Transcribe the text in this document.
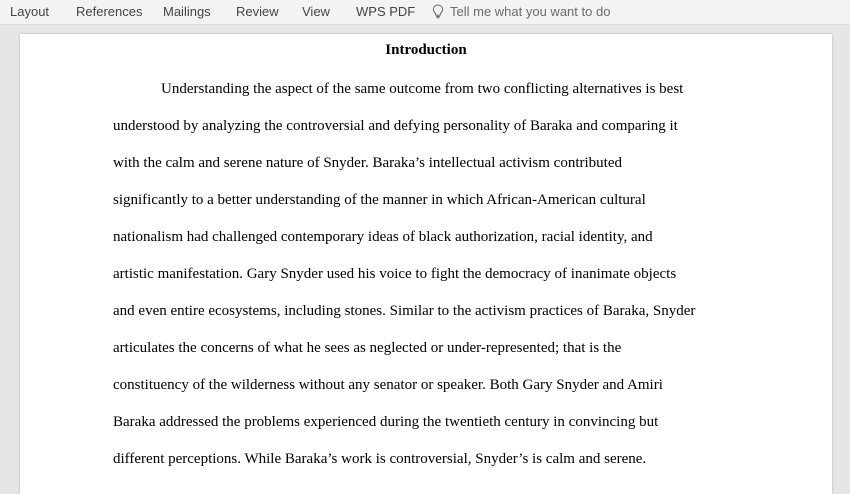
Layout References Mailings Review View WPS PDF	Tell me what you want to do
Introduction

Understanding the aspect of the same outcome from two conflicting alternatives is best
understood by analyzing the controversial and defying personality of Baraka and comparing it
with the calm and serene nature of Snyder. Baraka’s intellectual activism contributed
significantly to a better understanding of the manner in which African-American cultural
nationalism had challenged contemporary ideas of black authorization, racial identity, and
artistic manifestation. Gary Snyder used his voice to fight the democracy of inanimate objects
and even entire ecosystems, including stones. Similar to the activism practices of Baraka, Snyder
articulates the concerns of what he sees as neglected or under-represented; that is the
constituency of the wilderness without any senator or speaker. Both Gary Snyder and Amiri
Baraka addressed the problems experienced during the twentieth century in convincing but
different perceptions. While Baraka’s work is controversial, Snyder’s is calm and serene.
